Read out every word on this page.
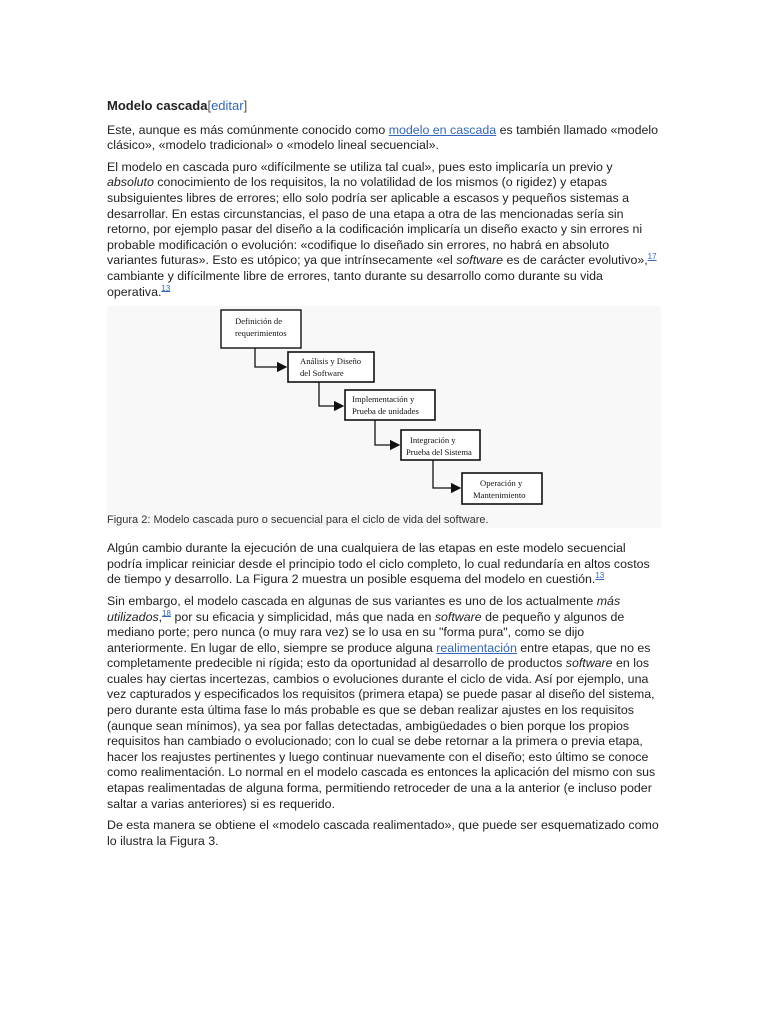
Modelo cascada[editar]

Este, aunque es más comúnmente conocido como modelo en cascada es también llamado «modelo clásico», «modelo tradicional» o «modelo lineal secuencial».

El modelo en cascada puro «difícilmente se utiliza tal cual», pues esto implicaría un previo y absoluto conocimiento de los requisitos, la no volatilidad de los mismos (o rigidez) y etapas subsiguientes libres de errores; ello solo podría ser aplicable a escasos y pequeños sistemas a desarrollar. En estas circunstancias, el paso de una etapa a otra de las mencionadas sería sin retorno, por ejemplo pasar del diseño a la codificación implicaría un diseño exacto y sin errores ni probable modificación o evolución: «codifique lo diseñado sin errores, no habrá en absoluto variantes futuras». Esto es utópico; ya que intrínsecamente «el software es de carácter evolutivo»,$^{17}$ cambiante y difícilmente libre de errores, tanto durante su desarrollo como durante su vida operativa.$^{13}$

Definición de
requerimientos
Análisis y Diseño
del Software
Implementación y
Prueba de unidades
Integración y
Prueba del Sistema
Operación y
Mantenimiento
Figura 2: Modelo cascada puro o secuencial para el ciclo de vida del software.

Algún cambio durante la ejecución de una cualquiera de las etapas en este modelo secuencial podría implicar reiniciar desde el principio todo el ciclo completo, lo cual redundaría en altos costos de tiempo y desarrollo. La Figura 2 muestra un posible esquema del modelo en cuestión.$^{13}$

Sin embargo, el modelo cascada en algunas de sus variantes es uno de los actualmente más utilizados,$^{18}$ por su eficacia y simplicidad, más que nada en software de pequeño y algunos de mediano porte; pero nunca (o muy rara vez) se lo usa en su "forma pura", como se dijo anteriormente. En lugar de ello, siempre se produce alguna realimentación entre etapas, que no es completamente predecible ni rígida; esto da oportunidad al desarrollo de productos software en los cuales hay ciertas incertezas, cambios o evoluciones durante el ciclo de vida. Así por ejemplo, una vez capturados y especificados los requisitos (primera etapa) se puede pasar al diseño del sistema, pero durante esta última fase lo más probable es que se deban realizar ajustes en los requisitos (aunque sean mínimos), ya sea por fallas detectadas, ambigüedades o bien porque los propios requisitos han cambiado o evolucionado; con lo cual se debe retornar a la primera o previa etapa, hacer los reajustes pertinentes y luego continuar nuevamente con el diseño; esto último se conoce como realimentación. Lo normal en el modelo cascada es entonces la aplicación del mismo con sus etapas realimentadas de alguna forma, permitiendo retroceder de una a la anterior (e incluso poder saltar a varias anteriores) si es requerido.

De esta manera se obtiene el «modelo cascada realimentado», que puede ser esquematizado como lo ilustra la Figura 3.
